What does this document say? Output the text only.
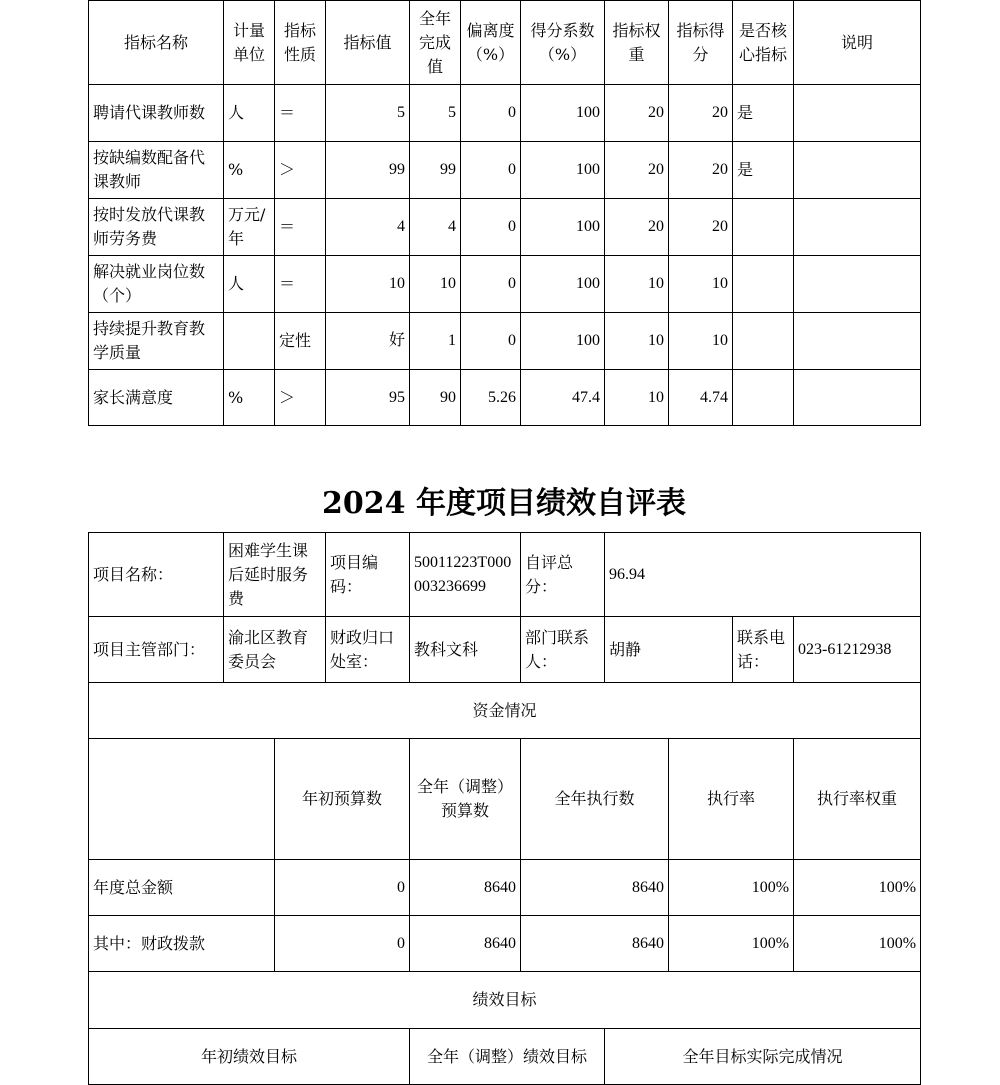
指标名称	计量单位	指标性质	指标值	全年完成值	偏离度（%）	得分系数（%）	指标权重	指标得分	是否核心指标	说明
聘请代课教师数	人	＝	5	5	0	100	20	20	是	
按缺编数配备代课教师	%	＞	99	99	0	100	20	20	是	
按时发放代课教师劳务费	万元/年	＝	4	4	0	100	20	20		
解决就业岗位数（个）	人	＝	10	10	0	100	10	10		
持续提升教育教学质量		定性	好	1	0	100	10	10		
家长满意度	%	＞	95	90	5.26	47.4	10	4.74		
2024 年度项目绩效自评表
项目名称：	困难学生课后延时服务费		项目编码：	50011223T000003236699	自评总分：	96.94				
项目主管部门：	渝北区教育委员会		财政归口处室：	教科文科	部门联系人：	胡静		联系电话：	023-61212938	
资金情况										
		年初预算数		全年（调整）预算数	全年执行数		执行率		执行率权重	
年度总金额		0		8640	8640		100%		100%	
其中：财政拨款		0		8640	8640		100%		100%	
绩效目标										
年初绩效目标				全年（调整）绩效目标		全年目标实际完成情况				
